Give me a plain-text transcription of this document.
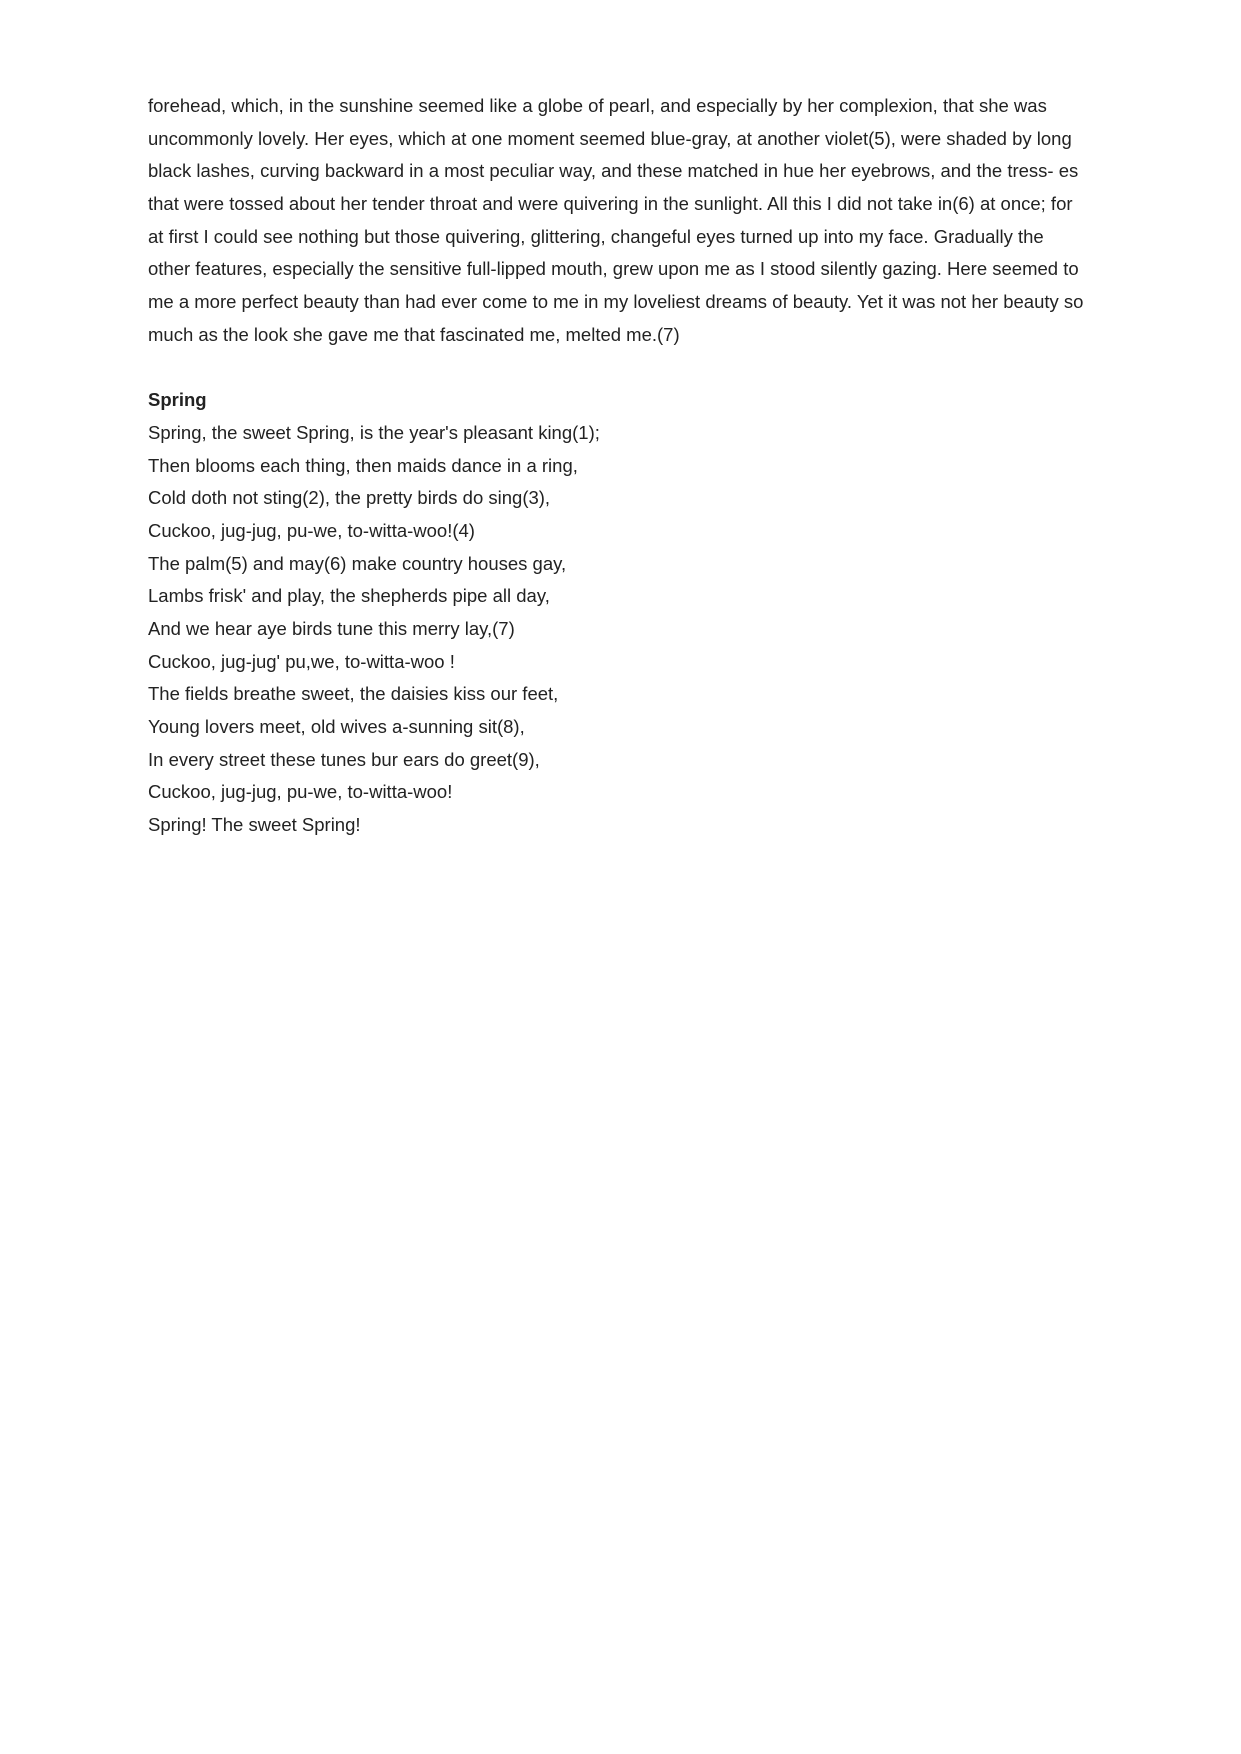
forehead, which, in the sunshine seemed like a globe of pearl, and especially by her complexion, that she was

uncommonly lovely. Her eyes, which at one moment seemed blue-gray, at another violet(5), were shaded by long

black lashes, curving backward in a most peculiar way, and these matched in hue her eyebrows, and the tress- es

that were tossed about her tender throat and were quivering in the sunlight. All this I did not take in(6) at once; for

at first I could see nothing but those quivering, glittering, changeful eyes turned up into my face. Gradually the

other features, especially the sensitive full-lipped mouth, grew upon me as I stood silently gazing. Here seemed to

me a more perfect beauty than had ever come to me in my loveliest dreams of beauty. Yet it was not her beauty so

much as the look she gave me that fascinated me, melted me.(7)

Spring

Spring, the sweet Spring, is the year's pleasant king(1);

Then blooms each thing, then maids dance in a ring,

Cold doth not sting(2), the pretty birds do sing(3),

Cuckoo, jug-jug, pu-we, to-witta-woo!(4)

The palm(5) and may(6) make country houses gay,

Lambs frisk' and play, the shepherds pipe all day,

And we hear aye birds tune this merry lay,(7)

Cuckoo, jug-jug' pu,we, to-witta-woo !

The fields breathe sweet, the daisies kiss our feet,

Young lovers meet, old wives a-sunning sit(8),

In every street these tunes bur ears do greet(9),

Cuckoo, jug-jug, pu-we, to-witta-woo!

Spring! The sweet Spring!
